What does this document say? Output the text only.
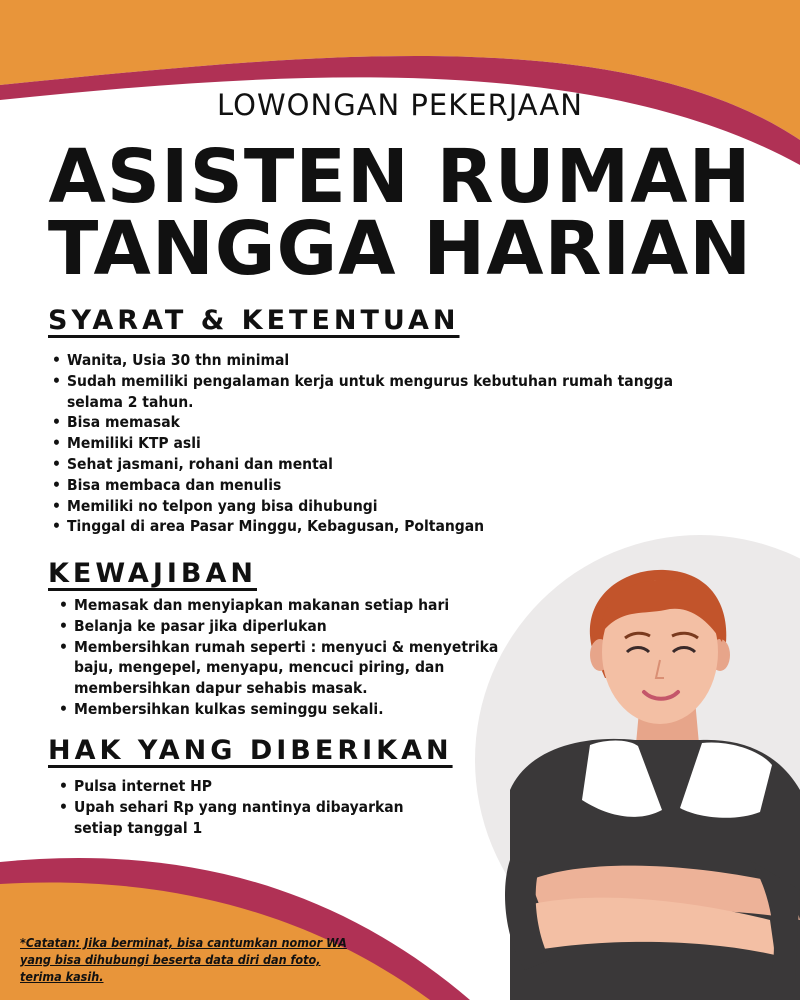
LOWONGAN PEKERJAAN
ASISTEN RUMAH
TANGGA HARIAN
SYARAT & KETENTUAN
• Wanita, Usia 30 thn minimal
• Sudah memiliki pengalaman kerja untuk mengurus kebutuhan rumah tangga selama 2 tahun.
• Bisa memasak
• Memiliki KTP asli
• Sehat jasmani, rohani dan mental
• Bisa membaca dan menulis
• Memiliki no telpon yang bisa dihubungi
• Tinggal di area Pasar Minggu, Kebagusan, Poltangan
KEWAJIBAN
• Memasak dan menyiapkan makanan setiap hari
• Belanja ke pasar jika diperlukan
• Membersihkan rumah seperti : menyuci & menyetrika baju, mengepel, menyapu, mencuci piring, dan membersihkan dapur sehabis masak.
• Membersihkan kulkas seminggu sekali.
HAK YANG DIBERIKAN
• Pulsa internet HP
• Upah sehari Rp yang nantinya dibayarkan setiap tanggal 1
*Catatan: Jika berminat, bisa cantumkan nomor WA yang bisa dihubungi beserta data diri dan foto, terima kasih.
